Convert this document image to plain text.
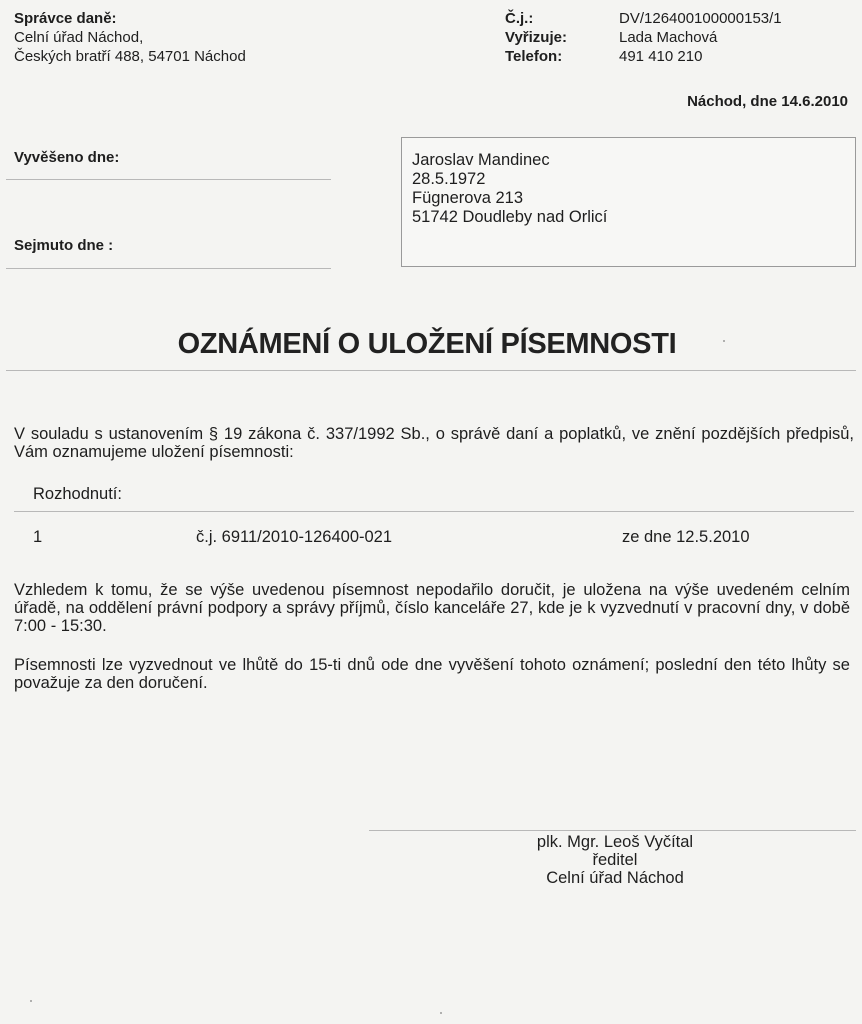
Správce daně:
Celní úřad Náchod,
Českých bratří 488, 54701 Náchod
Č.j.:
Vyřizuje:
Telefon:
DV/126400100000153/1
Lada Machová
491 410 210
Náchod, dne 14.6.2010
Vyvěšeno dne:
Sejmuto dne :
Jaroslav Mandinec
28.5.1972
Fügnerova 213
51742 Doudleby nad Orlicí
OZNÁMENÍ O ULOŽENÍ PÍSEMNOSTI
V souladu s ustanovením § 19 zákona č. 337/1992 Sb., o správě daní a poplatků, ve znění pozdějších předpisů, Vám oznamujeme uložení písemnosti:
Rozhodnutí:
1	č.j. 6911/2010-126400-021	ze dne 12.5.2010
Vzhledem k tomu, že se výše uvedenou písemnost nepodařilo doručit, je uložena na výše uvedeném celním úřadě, na oddělení právní podpory a správy příjmů, číslo kanceláře 27, kde je k vyzvednutí v pracovní dny, v době 7:00 - 15:30.
Písemnosti lze vyzvednout ve lhůtě do 15-ti dnů ode dne vyvěšení tohoto oznámení; poslední den této lhůty se považuje za den doručení.
plk. Mgr. Leoš Vyčítal
ředitel
Celní úřad Náchod
